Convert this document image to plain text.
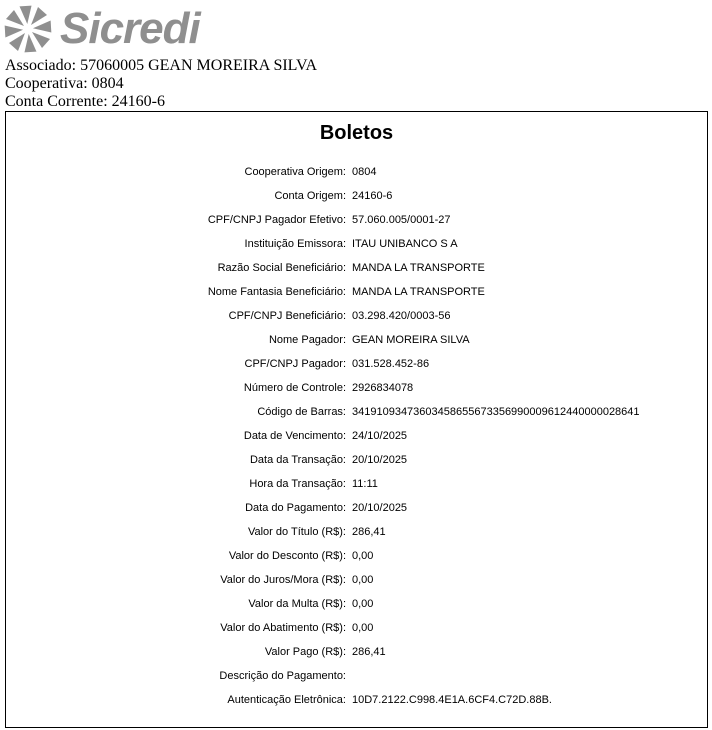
Sicredi
Associado: 57060005 GEAN MOREIRA SILVA
Cooperativa: 0804
Conta Corrente: 24160-6
Boletos
Cooperativa Origem: 0804
Conta Origem: 24160-6
CPF/CNPJ Pagador Efetivo: 57.060.005/0001-27
Instituição Emissora: ITAU UNIBANCO S A
Razão Social Beneficiário: MANDA LA TRANSPORTE
Nome Fantasia Beneficiário: MANDA LA TRANSPORTE
CPF/CNPJ Beneficiário: 03.298.420/0003-56
Nome Pagador: GEAN MOREIRA SILVA
CPF/CNPJ Pagador: 031.528.452-86
Número de Controle: 2926834078
Código de Barras: 34191093473603458655673356990009612440000028641
Data de Vencimento: 24/10/2025
Data da Transação: 20/10/2025
Hora da Transação: 11:11
Data do Pagamento: 20/10/2025
Valor do Título (R$): 286,41
Valor do Desconto (R$): 0,00
Valor do Juros/Mora (R$): 0,00
Valor da Multa (R$): 0,00
Valor do Abatimento (R$): 0,00
Valor Pago (R$): 286,41
Descrição do Pagamento:
Autenticação Eletrônica: 10D7.2122.C998.4E1A.6CF4.C72D.88B.
